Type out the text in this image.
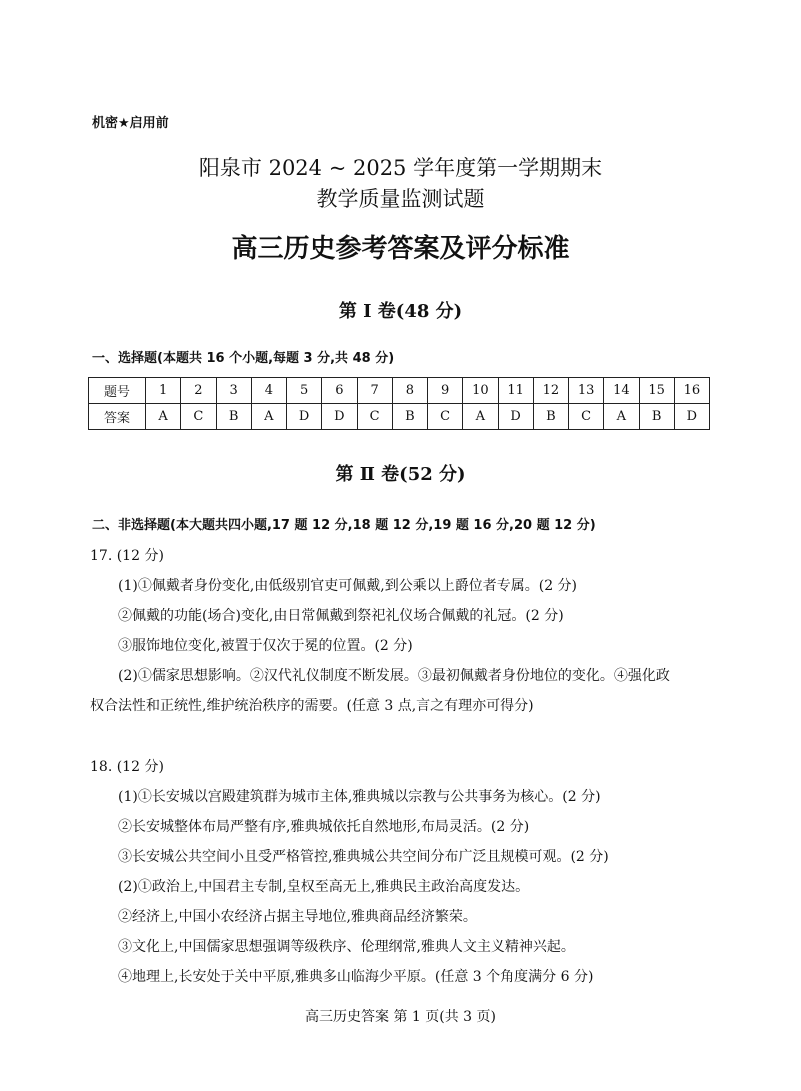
机密★启用前
阳泉市 2024 ~ 2025 学年度第一学期期末
教学质量监测试题
高三历史参考答案及评分标准
第 Ⅰ 卷(48 分)
一、选择题(本题共 16 个小题,每题 3 分,共 48 分)
题号	1	2	3	4	5	6	7	8	9	10	11	12	13	14	15	16
答案	A	C	B	A	D	D	C	B	C	A	D	B	C	A	B	D
第 Ⅱ 卷(52 分)
二、非选择题(本大题共四小题,17 题 12 分,18 题 12 分,19 题 16 分,20 题 12 分)
17. (12 分)
(1)①佩戴者身份变化,由低级别官吏可佩戴,到公乘以上爵位者专属。(2 分)
②佩戴的功能(场合)变化,由日常佩戴到祭祀礼仪场合佩戴的礼冠。(2 分)
③服饰地位变化,被置于仅次于冕的位置。(2 分)
(2)①儒家思想影响。②汉代礼仪制度不断发展。③最初佩戴者身份地位的变化。④强化政
权合法性和正统性,维护统治秩序的需要。(任意 3 点,言之有理亦可得分)
18. (12 分)
(1)①长安城以宫殿建筑群为城市主体,雅典城以宗教与公共事务为核心。(2 分)
②长安城整体布局严整有序,雅典城依托自然地形,布局灵活。(2 分)
③长安城公共空间小且受严格管控,雅典城公共空间分布广泛且规模可观。(2 分)
(2)①政治上,中国君主专制,皇权至高无上,雅典民主政治高度发达。
②经济上,中国小农经济占据主导地位,雅典商品经济繁荣。
③文化上,中国儒家思想强调等级秩序、伦理纲常,雅典人文主义精神兴起。
④地理上,长安处于关中平原,雅典多山临海少平原。(任意 3 个角度满分 6 分)
高三历史答案 第 1 页(共 3 页)
